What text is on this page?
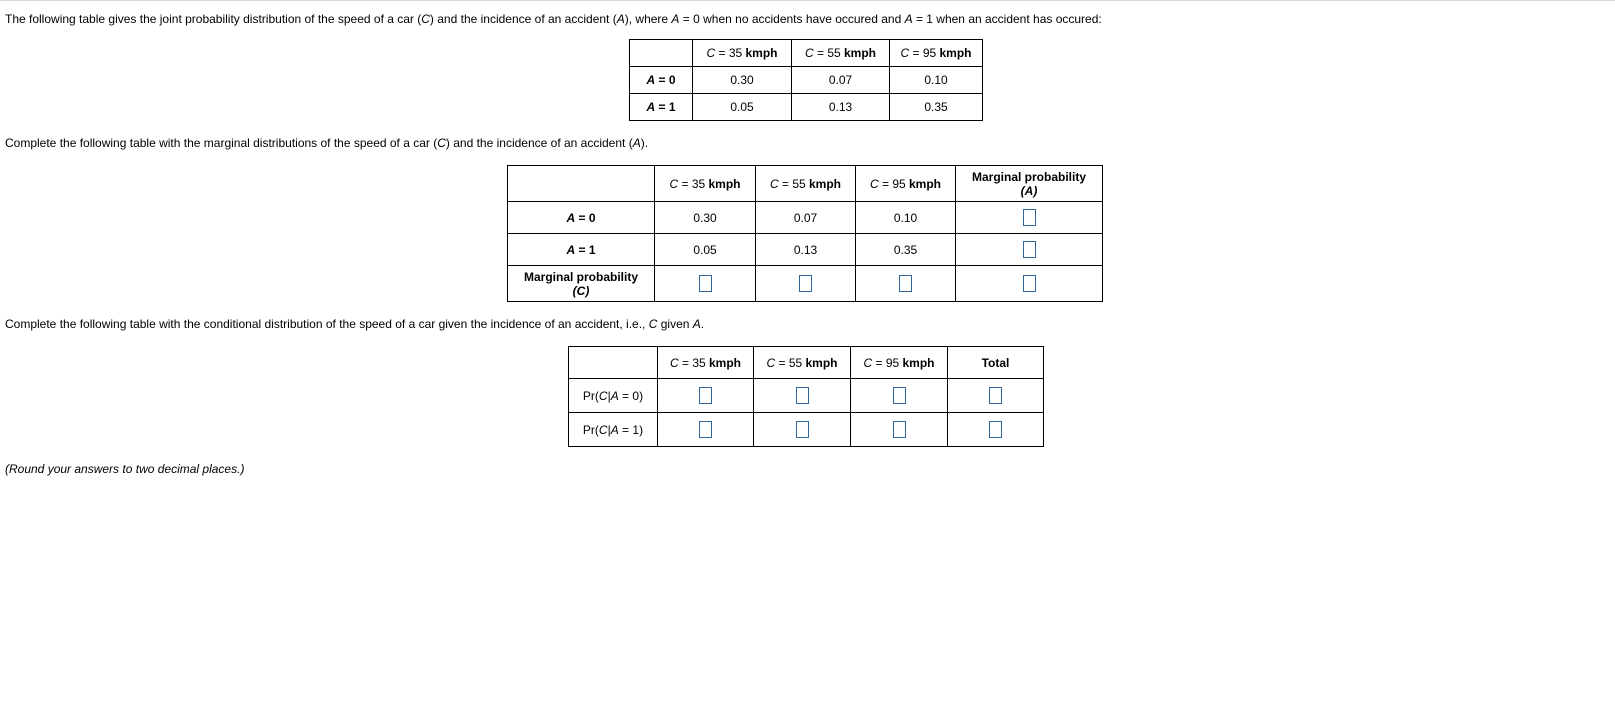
The following table gives the joint probability distribution of the speed of a car (C) and the incidence of an accident (A), where A = 0 when no accidents have occured and A = 1 when an accident has occured:

	C = 35 kmph	C = 55 kmph	C = 95 kmph
A = 0	0.30	0.07	0.10
A = 1	0.05	0.13	0.35

Complete the following table with the marginal distributions of the speed of a car (C) and the incidence of an accident (A).

	C = 35 kmph	C = 55 kmph	C = 95 kmph	Marginal probability
(A)
A = 0	0.30	0.07	0.10	
A = 1	0.05	0.13	0.35	
Marginal probability
(C)				

Complete the following table with the conditional distribution of the speed of a car given the incidence of an accident, i.e., C given A.

	C = 35 kmph	C = 55 kmph	C = 95 kmph	Total
Pr(C|A = 0)				
Pr(C|A = 1)				

(Round your answers to two decimal places.)
